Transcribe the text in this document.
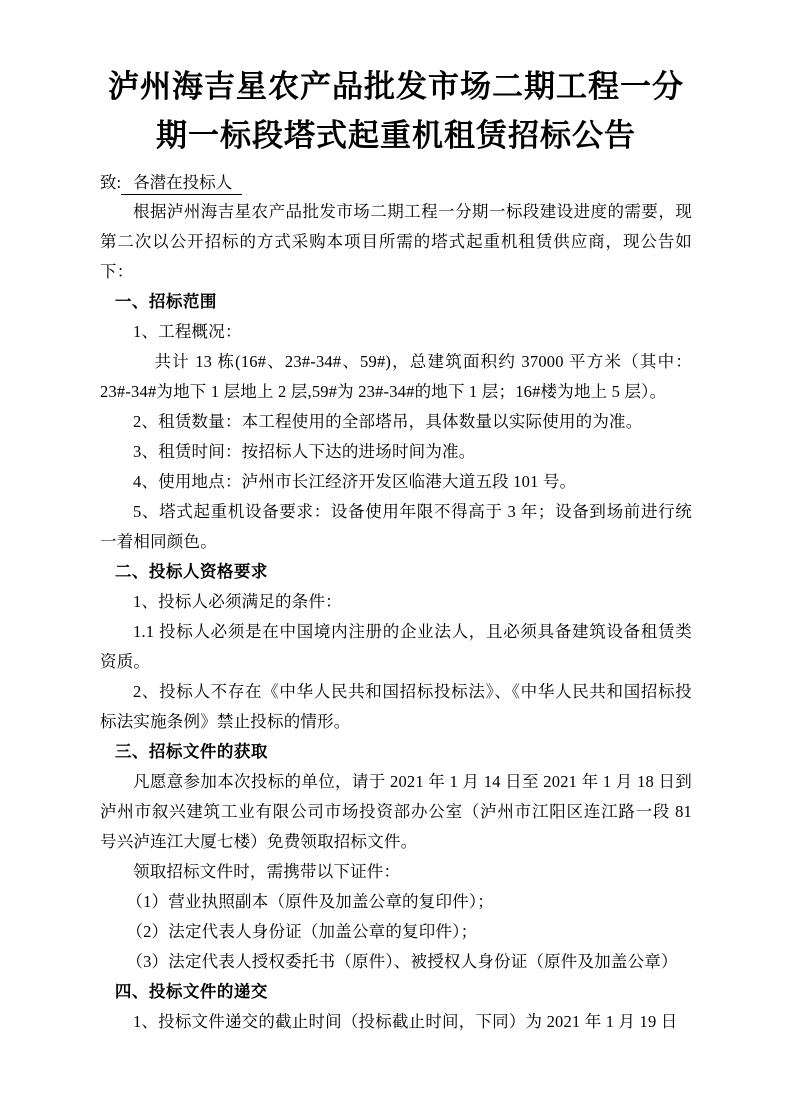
泸州海吉星农产品批发市场二期工程一分
期一标段塔式起重机租赁招标公告

致: 各潜在投标人

根据泸州海吉星农产品批发市场二期工程一分期一标段建设进度的需要，现第二次以公开招标的方式采购本项目所需的塔式起重机租赁供应商，现公告如下：

一、招标范围

1、工程概况：

共计 13 栋(16#、23#-34#、59#)，总建筑面积约 37000 平方米（其中：23#-34#为地下 1 层地上 2 层,59#为 23#-34#的地下 1 层；16#楼为地上 5 层）。

2、租赁数量：本工程使用的全部塔吊，具体数量以实际使用的为准。

3、租赁时间：按招标人下达的进场时间为准。

4、使用地点：泸州市长江经济开发区临港大道五段 101 号。

5、塔式起重机设备要求：设备使用年限不得高于 3 年；设备到场前进行统一着相同颜色。

二、投标人资格要求

1、投标人必须满足的条件：

1.1 投标人必须是在中国境内注册的企业法人，且必须具备建筑设备租赁类资质。

2、投标人不存在《中华人民共和国招标投标法》、《中华人民共和国招标投标法实施条例》禁止投标的情形。

三、招标文件的获取

凡愿意参加本次投标的单位，请于 2021 年 1 月 14 日至 2021 年 1 月 18 日到泸州市叙兴建筑工业有限公司市场投资部办公室（泸州市江阳区连江路一段 81 号兴泸连江大厦七楼）免费领取招标文件。

领取招标文件时，需携带以下证件：

（1）营业执照副本（原件及加盖公章的复印件）；

（2）法定代表人身份证（加盖公章的复印件）；

（3）法定代表人授权委托书（原件）、被授权人身份证（原件及加盖公章）

四、投标文件的递交

1、投标文件递交的截止时间（投标截止时间，下同）为 2021 年 1 月 19 日
